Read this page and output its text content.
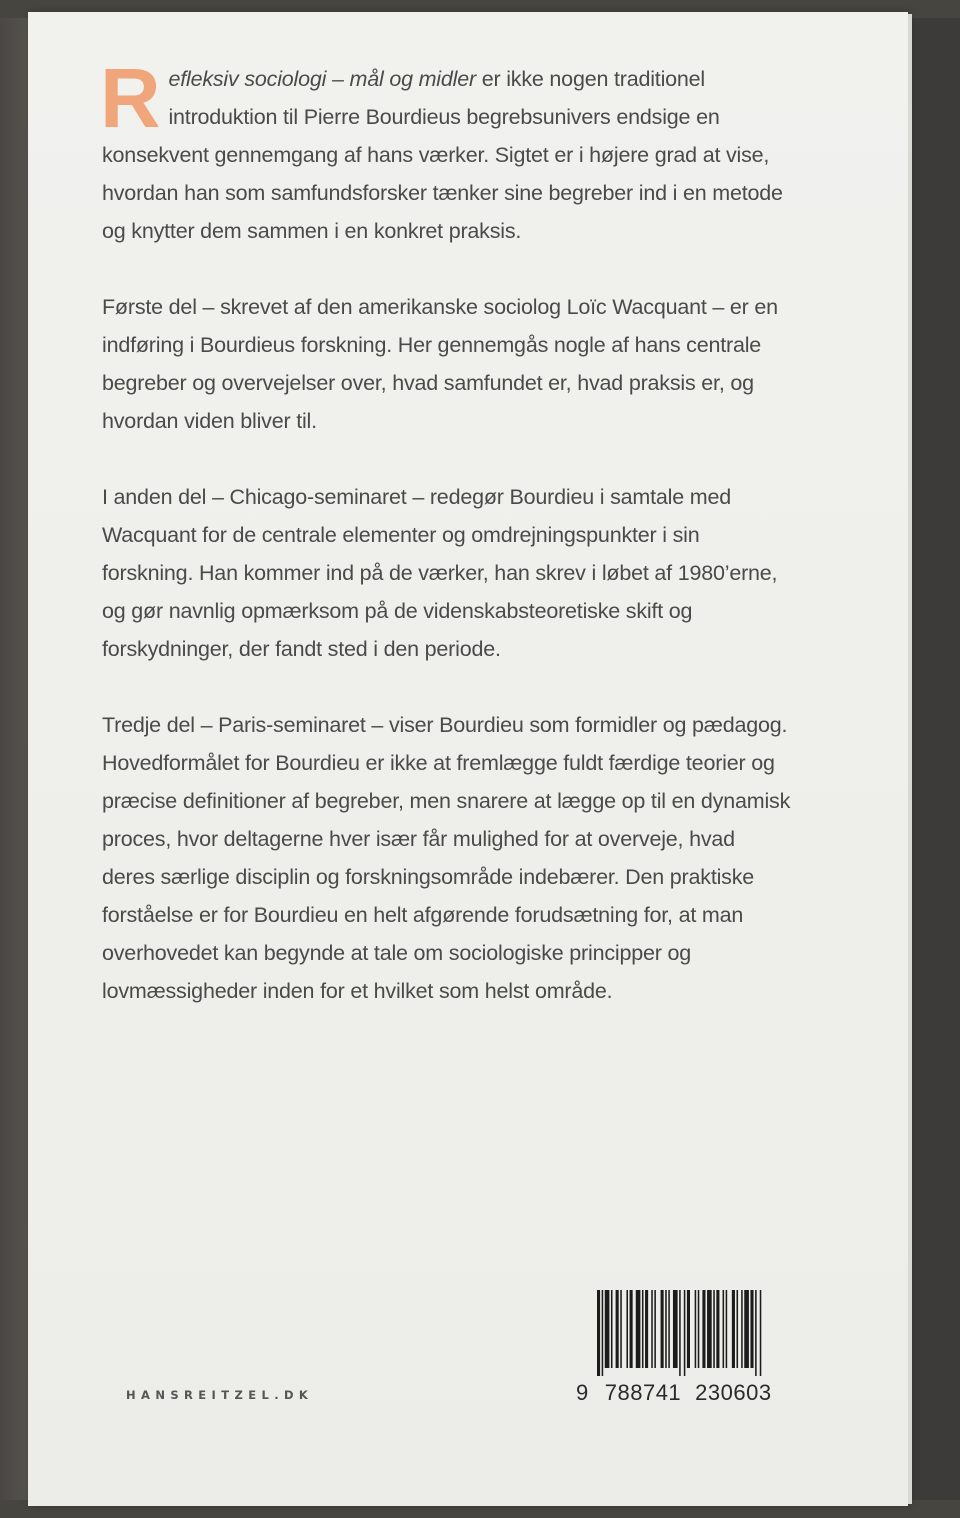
Refleksiv sociologi – mål og midler er ikke nogen traditionel introduktion til Pierre Bourdieus begrebsunivers endsige en konsekvent gennemgang af hans værker. Sigtet er i højere grad at vise, hvordan han som samfundsforsker tænker sine begreber ind i en metode og knytter dem sammen i en konkret praksis.

Første del – skrevet af den amerikanske sociolog Loïc Wacquant – er en indføring i Bourdieus forskning. Her gennemgås nogle af hans centrale begreber og overvejelser over, hvad samfundet er, hvad praksis er, og hvordan viden bliver til.

I anden del – Chicago-seminaret – redegør Bourdieu i samtale med Wacquant for de centrale elementer og omdrejningspunkter i sin forskning. Han kommer ind på de værker, han skrev i løbet af 1980’erne, og gør navnlig opmærksom på de videnskabsteoretiske skift og forskydninger, der fandt sted i den periode.

Tredje del – Paris-seminaret – viser Bourdieu som formidler og pædagog. Hovedformålet for Bourdieu er ikke at fremlægge fuldt færdige teorier og præcise definitioner af begreber, men snarere at lægge op til en dynamisk proces, hvor deltagerne hver især får mulighed for at overveje, hvad deres særlige disciplin og forskningsområde indebærer. Den praktiske forståelse er for Bourdieu en helt afgørende forudsætning for, at man overhovedet kan begynde at tale om sociologiske principper og lovmæssigheder inden for et hvilket som helst område.

HANSREITZEL.DK	9 788741 230603
